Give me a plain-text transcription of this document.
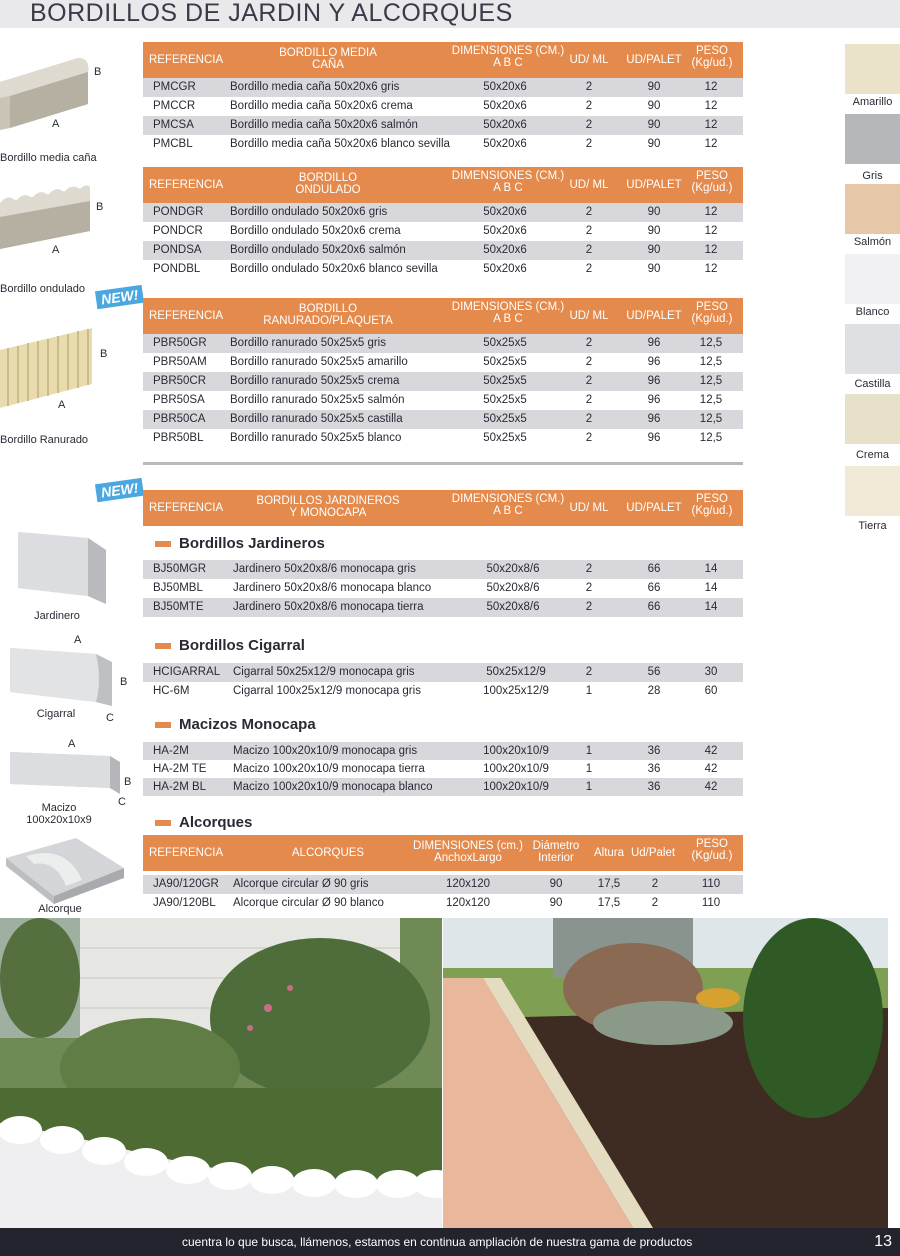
BORDILLOS DE JARDIN Y ALCORQUES
B
A
Bordillo media caña
B
A
Bordillo ondulado
B
A
Bordillo Ranurado
Jardinero
A
B
C
Cigarral
A
B
C
Macizo
100x20x10x9
Alcorque
REFERENCIA
BORDILLO MEDIA
CAÑA
DIMENSIONES (CM.)
A B C	UD/ ML UD/PALET
PESO
(Kg/ud.)
PMCGR	Bordillo media caña 50x20x6 gris	50x20x6	2	90	12
PMCCR	Bordillo media caña 50x20x6 crema	50x20x6	2	90	12
PMCSA	Bordillo media caña 50x20x6 salmón	50x20x6	2	90	12
PMCBL	Bordillo media caña 50x20x6 blanco sevilla	50x20x6	2	90	12
REFERENCIA
BORDILLO
ONDULADO
DIMENSIONES (CM.)
A B C	UD/ ML UD/PALET
PESO
(Kg/ud.)
PONDGR Bordillo ondulado 50x20x6 gris	50x20x6	2	90	12
PONDCR Bordillo ondulado 50x20x6 crema	50x20x6	2	90	12
PONDSA Bordillo ondulado 50x20x6 salmón	50x20x6	2	90	12
PONDBL	Bordillo ondulado 50x20x6 blanco sevilla	50x20x6	2	90	12
NEW!
REFERENCIA
BORDILLO
RANURADO/PLAQUETA
DIMENSIONES (CM.)
A B C	UD/ ML UD/PALET
PESO
(Kg/ud.)
PBR50GR Bordillo ranurado 50x25x5 gris	50x25x5	2	96	12,5
PBR50AM Bordillo ranurado 50x25x5 amarillo	50x25x5	2	96	12,5
PBR50CR Bordillo ranurado 50x25x5 crema	50x25x5	2	96	12,5
PBR50SA Bordillo ranurado 50x25x5 salmón	50x25x5	2	96	12,5
PBR50CA Bordillo ranurado 50x25x5 castilla	50x25x5	2	96	12,5
PBR50BL Bordillo ranurado 50x25x5 blanco	50x25x5	2	96	12,5
NEW!
REFERENCIA
BORDILLOS JARDINEROS
Y MONOCAPA
DIMENSIONES (CM.)
A B C	UD/ ML UD/PALET
PESO
(Kg/ud.)
Bordillos Jardineros
BJ50MGR Jardinero 50x20x8/6 monocapa gris	50x20x8/6	2	66	14
BJ50MBL	Jardinero 50x20x8/6 monocapa blanco	50x20x8/6	2	66	14
BJ50MTE	Jardinero 50x20x8/6 monocapa tierra	50x20x8/6	2	66	14
Bordillos Cigarral
HCIGARRAL Cigarral 50x25x12/9 monocapa gris	50x25x12/9	2	56	30
HC-6M	Cigarral 100x25x12/9 monocapa gris	100x25x12/9	1	28	60
Macizos Monocapa
HA-2M	Macizo 100x20x10/9 monocapa gris	100x20x10/9	1	36	42
HA-2M TE Macizo 100x20x10/9 monocapa tierra	100x20x10/9	1	36	42
HA-2M BL Macizo 100x20x10/9 monocapa blanco	100x20x10/9	1	36	42
Alcorques
REFERENCIA	ALCORQUES
DIMENSIONES (cm.)
AnchoxLargo
Diámetro
Interior	Altura Ud/Palet
PESO
(Kg/ud.)
JA90/120GR Alcorque circular Ø 90 gris	120x120	90	17,5	2	110
JA90/120BL Alcorque circular Ø 90 blanco	120x120	90	17,5	2	110
Amarillo
Gris
Salmón
Blanco
Castilla
Crema
Tierra
cuentra lo que busca, llámenos, estamos en continua ampliación de nuestra gama de productos	13
